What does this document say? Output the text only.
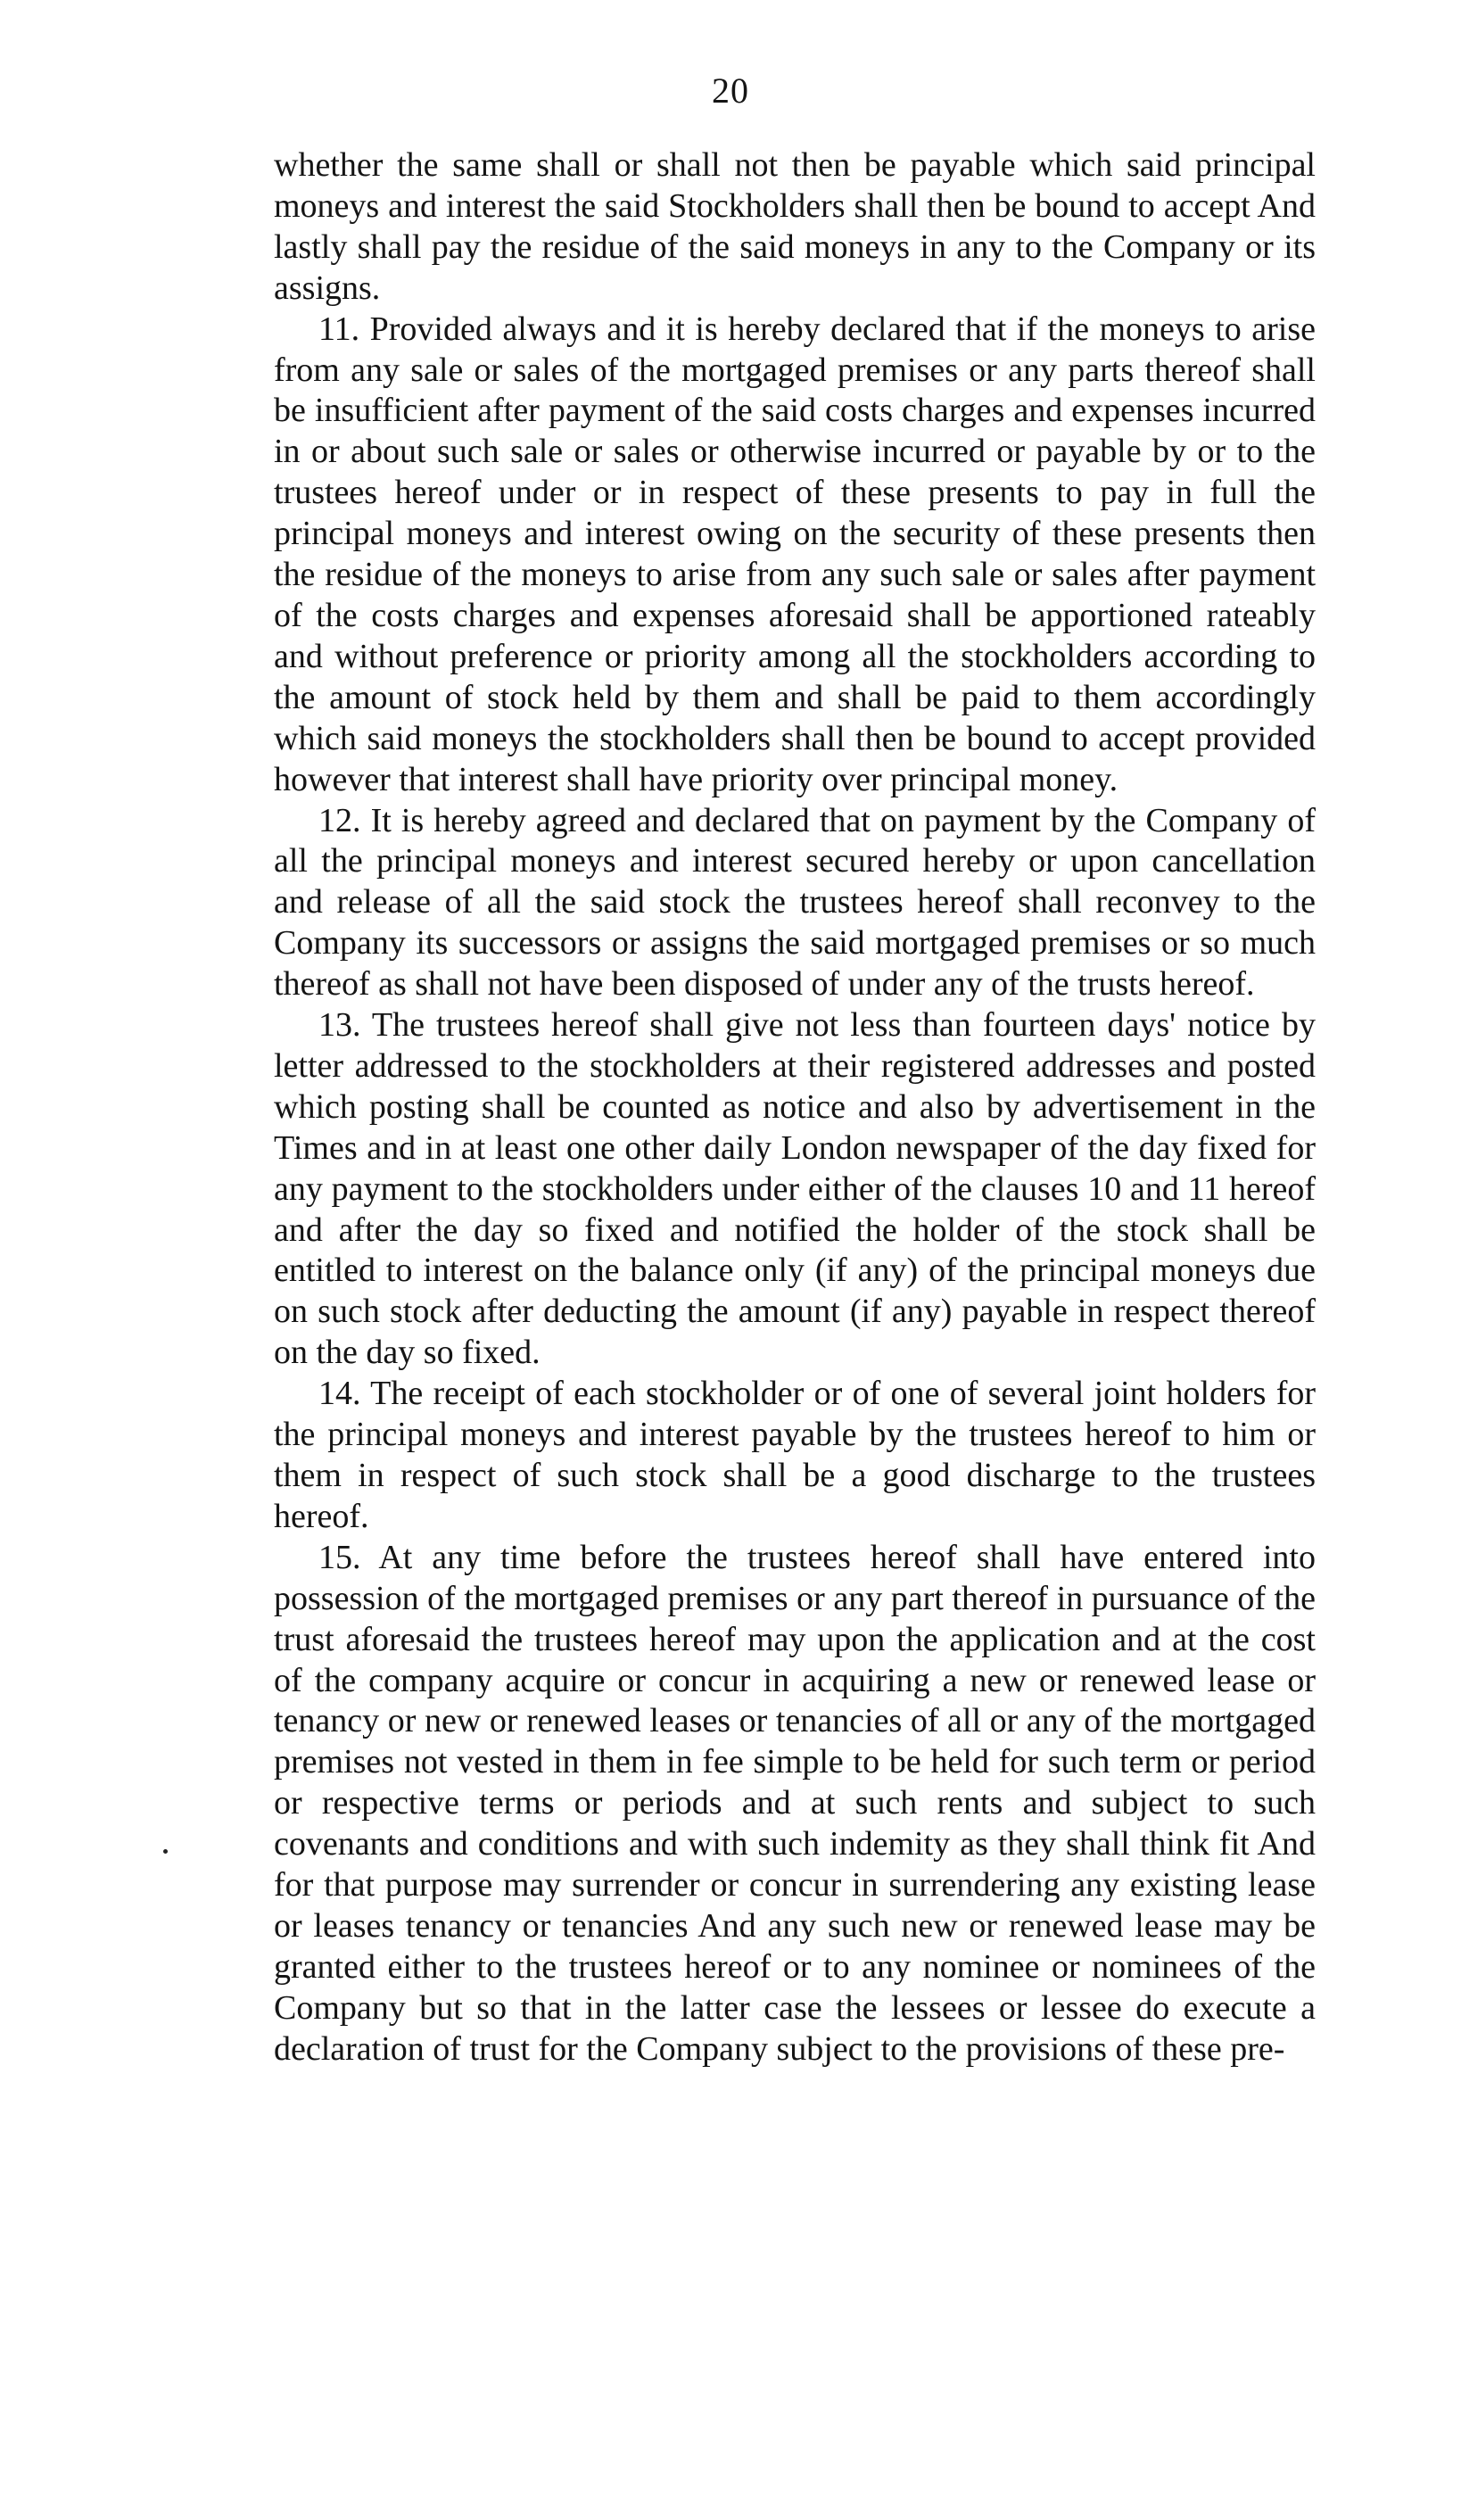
20

whether the same shall or shall not then be payable which said principal moneys and interest the said Stockholders shall then be bound to accept And lastly shall pay the residue of the said moneys in any to the Company or its assigns.

11. Provided always and it is hereby declared that if the moneys to arise from any sale or sales of the mortgaged premises or any parts thereof shall be insufficient after payment of the said costs charges and expenses incurred in or about such sale or sales or otherwise incurred or payable by or to the trustees hereof under or in respect of these presents to pay in full the principal moneys and interest owing on the security of these presents then the residue of the moneys to arise from any such sale or sales after payment of the costs charges and expenses aforesaid shall be apportioned rateably and without preference or priority among all the stockholders according to the amount of stock held by them and shall be paid to them accordingly which said moneys the stockholders shall then be bound to accept provided however that interest shall have priority over principal money.

12. It is hereby agreed and declared that on payment by the Company of all the principal moneys and interest secured hereby or upon cancellation and release of all the said stock the trustees hereof shall reconvey to the Company its successors or assigns the said mortgaged premises or so much thereof as shall not have been disposed of under any of the trusts hereof.

13. The trustees hereof shall give not less than fourteen days' notice by letter addressed to the stockholders at their registered addresses and posted which posting shall be counted as notice and also by advertisement in the Times and in at least one other daily London newspaper of the day fixed for any payment to the stockholders under either of the clauses 10 and 11 hereof and after the day so fixed and notified the holder of the stock shall be entitled to interest on the balance only (if any) of the principal moneys due on such stock after deducting the amount (if any) payable in respect thereof on the day so fixed.

14. The receipt of each stockholder or of one of several joint holders for the principal moneys and interest payable by the trustees hereof to him or them in respect of such stock shall be a good discharge to the trustees hereof.

15. At any time before the trustees hereof shall have entered into possession of the mortgaged premises or any part thereof in pursuance of the trust aforesaid the trustees hereof may upon the application and at the cost of the company acquire or concur in acquiring a new or renewed lease or tenancy or new or renewed leases or tenancies of all or any of the mortgaged premises not vested in them in fee simple to be held for such term or period or respective terms or periods and at such rents and subject to such covenants and conditions and with such indemity as they shall think fit And for that purpose may surrender or concur in surrendering any existing lease or leases tenancy or tenancies And any such new or renewed lease may be granted either to the trustees hereof or to any nominee or nominees of the Company but so that in the latter case the lessees or lessee do execute a declaration of trust for the Company subject to the provisions of these pre-
